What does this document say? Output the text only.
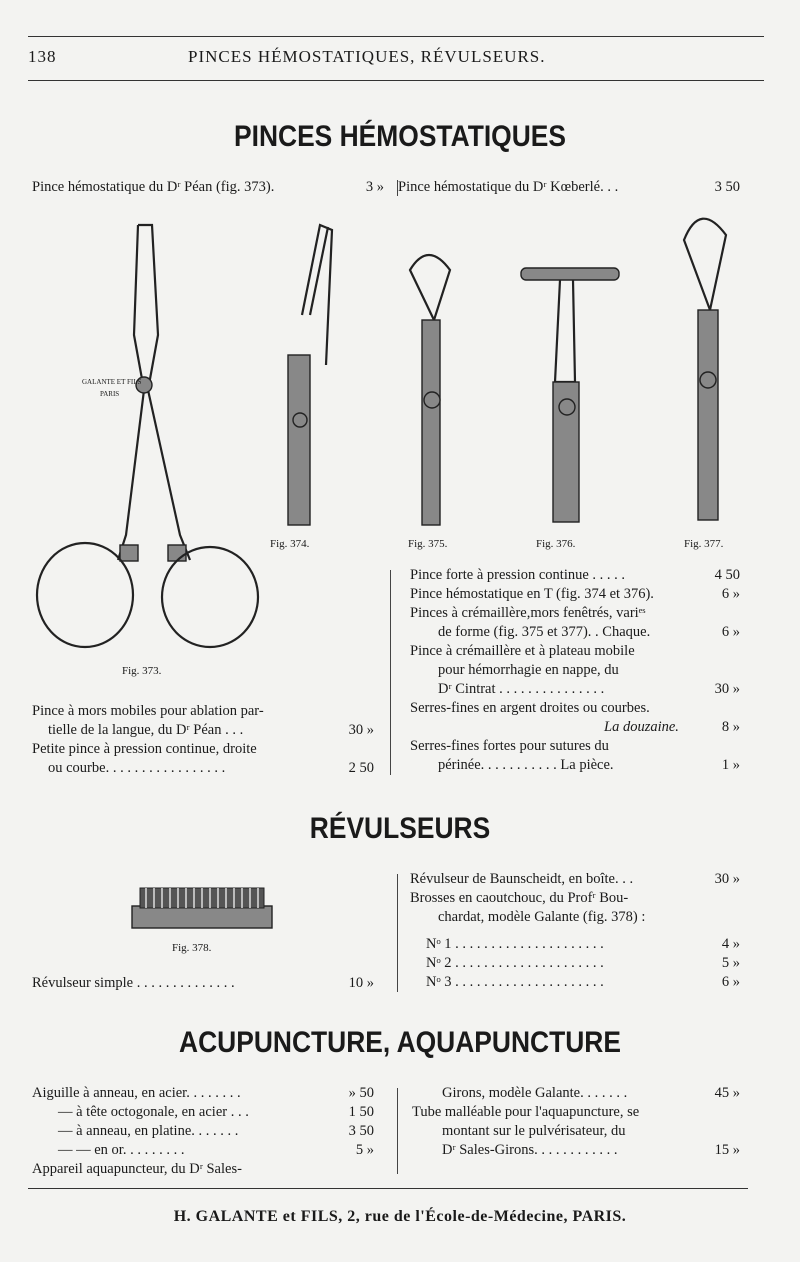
138	PINCES HÉMOSTATIQUES, RÉVULSEURS.
PINCES HÉMOSTATIQUES
Pince hémostatique du Dʳ Péan (fig. 373).	3 » Pince hémostatique du Dʳ Kœberlé. . .	3 50
GALANTE ET FILS
PARIS
Fig. 374.	Fig. 375.	Fig. 376.	Fig. 377.
Fig. 373.
Pince à mors mobiles pour ablation par-
tielle de la langue, du Dʳ Péan . . .	30 »
Petite pince à pression continue, droite
ou courbe. . . . . . . . . . . . . . . . .	2 50
Pince forte à pression continue . . . . .	4 50
Pince hémostatique en T (fig. 374 et 376).	6 »
Pinces à crémaillère,mors fenêtrés, variᵉˢ
de forme (fig. 375 et 377). . Chaque.	6 »
Pince à crémaillère et à plateau mobile
pour hémorrhagie en nappe, du
Dʳ Cintrat . . . . . . . . . . . . . . .	30 »
Serres-fines en argent droites ou courbes.
La douzaine.	8 »
Serres-fines fortes pour sutures du
périnée. . . . . . . . . . . La pièce.	1 »
RÉVULSEURS
Fig. 378.
Révulseur simple . . . . . . . . . . . . . .	10 »
Révulseur de Baunscheidt, en boîte. . .	30 »
Brosses en caoutchouc, du Profʳ Bou-
chardat, modèle Galante (fig. 378) :
Nᵒ 1 . . . . . . . . . . . . . . . . . . . . .	4 »
Nᵒ 2 . . . . . . . . . . . . . . . . . . . . .	5 »
Nᵒ 3 . . . . . . . . . . . . . . . . . . . . .	6 »
ACUPUNCTURE, AQUAPUNCTURE
Aiguille à anneau, en acier. . . . . . . .	» 50
— à tête octogonale, en acier . . .	1 50
— à anneau, en platine. . . . . . .	3 50
— — en or. . . . . . . . .	5 »
Appareil aquapuncteur, du Dʳ Sales-
Girons, modèle Galante. . . . . . .	45 »
Tube malléable pour l'aquapuncture, se
montant sur le pulvérisateur, du
Dʳ Sales-Girons. . . . . . . . . . . .	15 »
H. GALANTE et FILS, 2, rue de l'École-de-Médecine, PARIS.
